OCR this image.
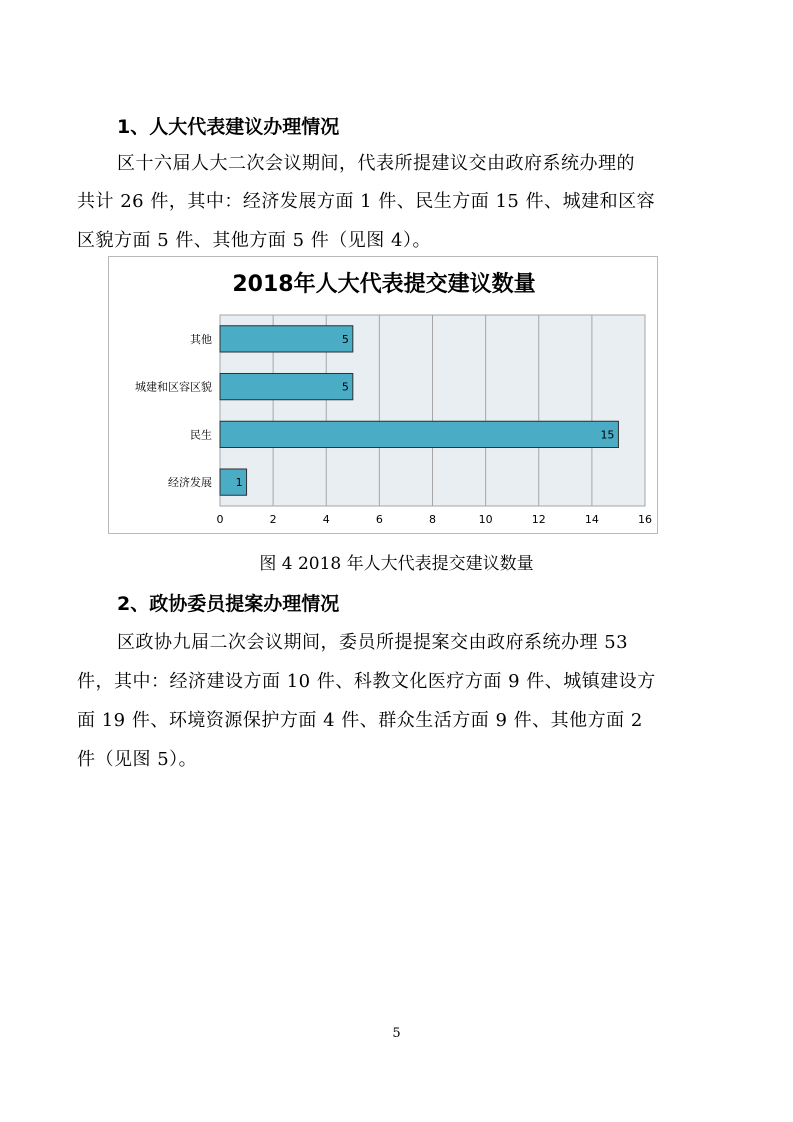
1、人大代表建议办理情况
区十六届人大二次会议期间，代表所提建议交由政府系统办理的
共计 26 件，其中：经济发展方面 1 件、民生方面 15 件、城建和区容
区貌方面 5 件、其他方面 5 件（见图 4）。
2018年人大代表提交建议数量
0	2	4	6	8	10	12	14	16
5
其他
5
城建和区容区貌
15
民生
1
经济发展
图 4 2018 年人大代表提交建议数量
2、政协委员提案办理情况
区政协九届二次会议期间，委员所提提案交由政府系统办理 53
件，其中：经济建设方面 10 件、科教文化医疗方面 9 件、城镇建设方
面 19 件、环境资源保护方面 4 件、群众生活方面 9 件、其他方面 2
件（见图 5）。
5
